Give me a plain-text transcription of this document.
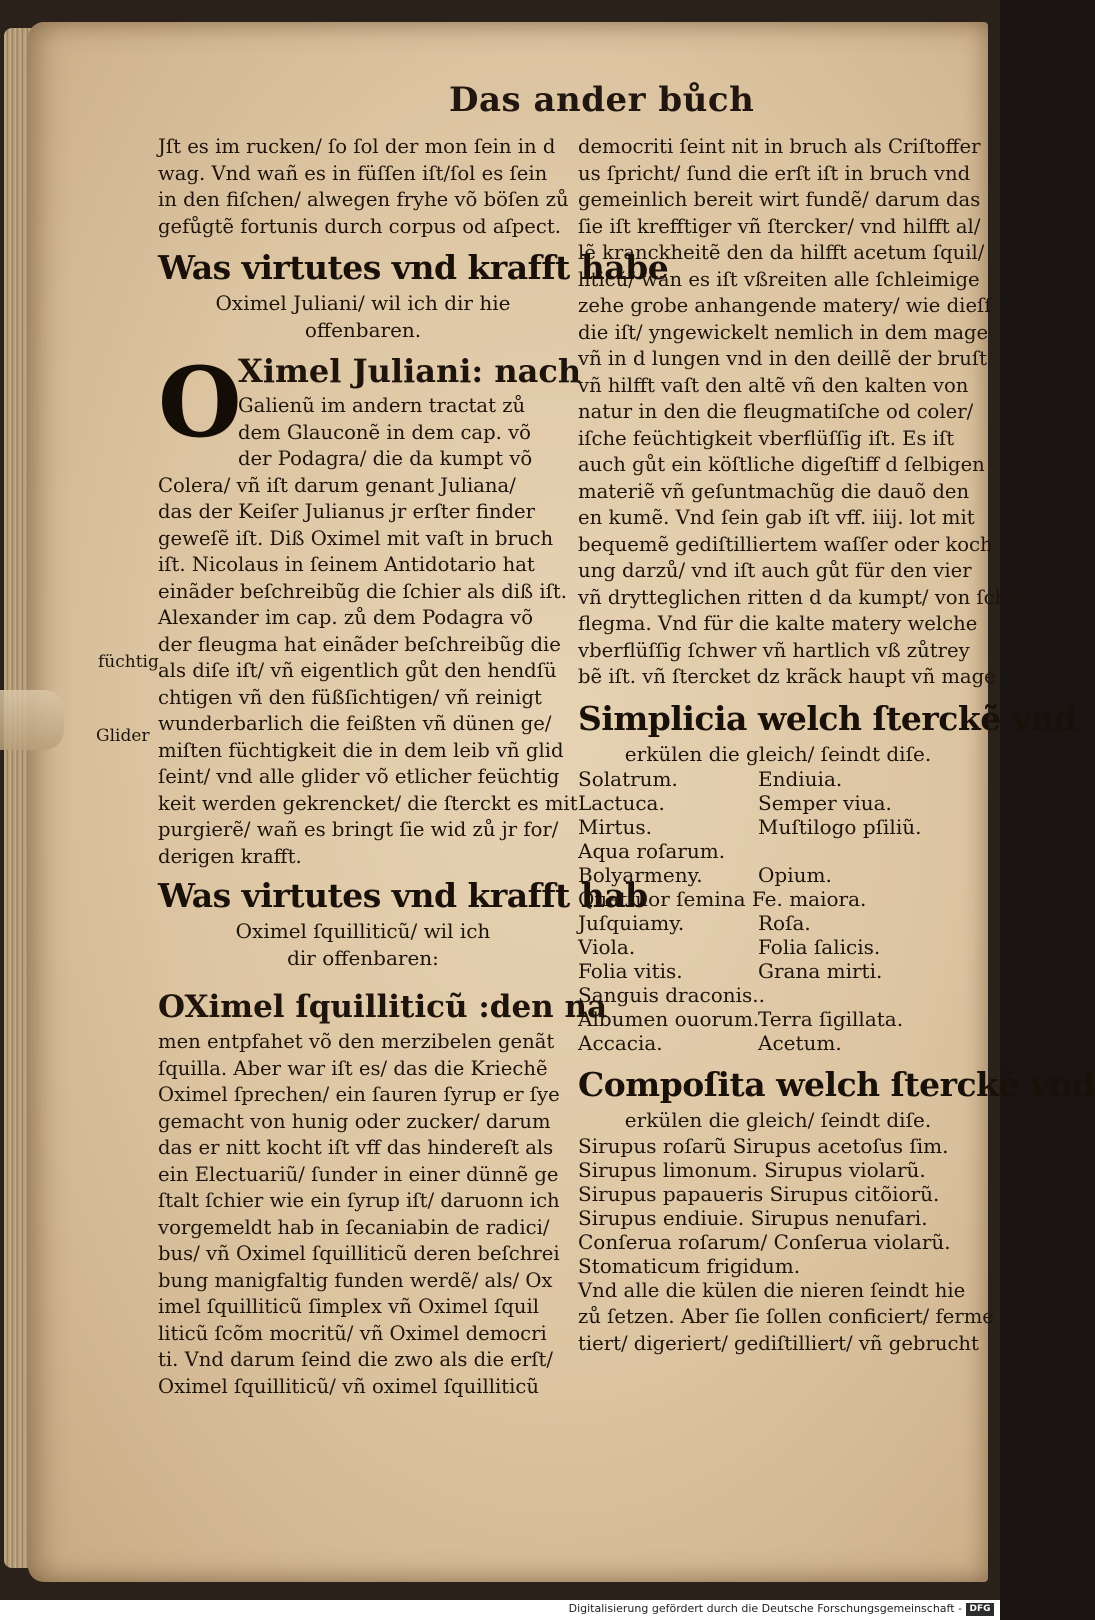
Das ander bůch
Jſt es im rucken/ ſo ſol der mon ſein in d
wag. Vnd wañ es in füſſen iſt/ſol es ſein
in den fiſchen/ alwegen fryhe võ böſen zů
gefůgtẽ fortunis durch corpus od aſpect.
Was virtutes vnd krafft habe
Oximel Juliani/ wil ich dir hie
offenbaren.
O
Ximel Juliani: nach
Galienũ im andern tractat zů
dem Glauconẽ in dem cap. võ
der Podagra/ die da kumpt võ
Colera/ vñ iſt darum genant Juliana/
das der Keiſer Julianus jr erſter finder
geweſẽ iſt. Diß Oximel mit vaſt in bruch
iſt. Nicolaus in ſeinem Antidotario hat
einãder beſchreibũg die ſchier als diß iſt.
Alexander im cap. zů dem Podagra võ
der fleugma hat einãder beſchreibũg die
als diſe iſt/ vñ eigentlich gůt den hendſü
chtigen vñ den füßſichtigen/ vñ reinigt
wunderbarlich die feißten vñ dünen ge/
miſten füchtigkeit die in dem leib vñ glid
ſeint/ vnd alle glider võ etlicher feüchtig
keit werden gekrencket/ die ſterckt es mit
purgierẽ/ wañ es bringt ſie wid zů jr for/
derigen krafft.
Was virtutes vnd krafft hab
Oximel ſquilliticũ/ wil ich
dir offenbaren:
OXimel ſquilliticũ :den na
men entpfahet võ den merzibelen genãt
ſquilla. Aber war iſt es/ das die Kriechẽ
Oximel ſprechen/ ein ſauren ſyrup er ſye
gemacht von hunig oder zucker/ darum
das er nitt kocht iſt vff das hindereſt als
ein Electuariũ/ ſunder in einer dünnẽ ge
ſtalt ſchier wie ein ſyrup iſt/ daruonn ich
vorgemeldt hab in ſecaniabin de radici/
bus/ vñ Oximel ſquilliticũ deren beſchrei
bung manigfaltig funden werdẽ/ als/ Ox
imel ſquilliticũ ſimplex vñ Oximel ſquil
liticũ ſcõm mocritũ/ vñ Oximel democri
ti. Vnd darum ſeind die zwo als die erſt/
Oximel ſquilliticũ/ vñ oximel ſquilliticũ
füchtig
Glider
democriti ſeint nit in bruch als Criſtoffer
us ſpricht/ ſund die erſt iſt in bruch vnd
gemeinlich bereit wirt fundẽ/ darum das
ſie iſt krefftiger vñ ſtercker/ vnd hilfft al/
lẽ kranckheitẽ den da hilfft acetum ſquil/
liticũ/ wan es iſt vßreiten alle ſchleimige
zehe grobe anhangende matery/ wie dieſſ
die iſt/ yngewickelt nemlich in dem mage
vñ in d lungen vnd in den deillẽ der bruſt
vñ hilfft vaſt den altẽ vñ den kalten von
natur in den die fleugmatiſche od coler/
iſche feüchtigkeit vberflüſſig iſt. Es iſt
auch gůt ein köſtliche digeſtiff d ſelbigen
materiẽ vñ geſuntmachũg die dauõ den
en kumẽ. Vnd ſein gab iſt vff. iiij. lot mit
bequemẽ gediſtilliertem waſſer oder koch
ung darzů/ vnd iſt auch gůt für den vier
vñ drytteglichen ritten d da kumpt/ von ſche
flegma. Vnd für die kalte matery welche
vberflüſſig ſchwer vñ hartlich vß zůtrey
bẽ iſt. vñ ſtercket dz krãck haupt vñ mage
Simplicia welch ſterckẽ vnd
erkülen die gleich/ ſeindt diſe.
Solatrum.	Endiuia.
Lactuca.	Semper viua.
Mirtus.	Muſtilogo pſiliũ.
Aqua roſarum.
Bolyarmeny.	Opium.
Quattuor ſemina Fe. maiora.
Juſquiamy.	Roſa.
Viola.	Folia ſalicis.
Folia vitis.	Grana mirti.
Sanguis draconis..
Albumen ouorum.Terra ſigillata.
Accacia.	Acetum.
Compoſita welch ſterckẽ vnd
erkülen die gleich/ ſeindt diſe.
Sirupus roſarũ Sirupus acetoſus ſim.
Sirupus limonum. Sirupus violarũ.
Sirupus papaueris Sirupus citõiorũ.
Sirupus endiuie. Sirupus nenufari.
Conſerua roſarum/ Conſerua violarũ.
Stomaticum frigidum.
Vnd alle die külen die nieren ſeindt hie
zů ſetzen. Aber ſie ſollen conficiert/ ferme
tiert/ digeriert/ gediſtilliert/ vñ gebrucht
Digitalisierung gefördert durch die Deutsche Forschungsgemeinschaft - DFG
